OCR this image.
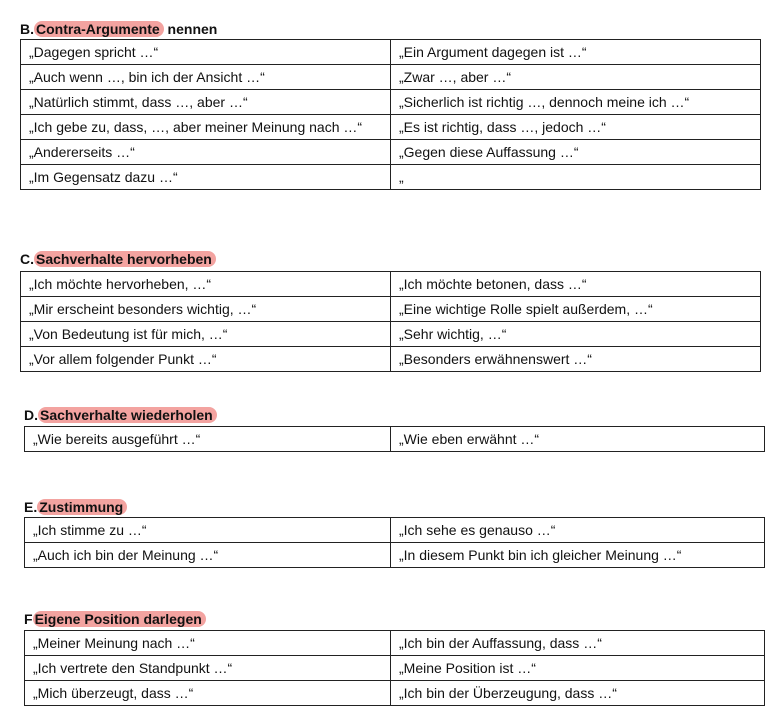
B. Contra-Argumente nennen
„Dagegen spricht …“	„Ein Argument dagegen ist …“
„Auch wenn …, bin ich der Ansicht …“	„Zwar …, aber …“
„Natürlich stimmt, dass …, aber …“	„Sicherlich ist richtig …, dennoch meine ich …“
„Ich gebe zu, dass, …, aber meiner Meinung nach …“	„Es ist richtig, dass …, jedoch …“
„Andererseits …“	„Gegen diese Auffassung …“
„Im Gegensatz dazu …“	„
C. Sachverhalte hervorheben
„Ich möchte hervorheben, …“	„Ich möchte betonen, dass …“
„Mir erscheint besonders wichtig, …“	„Eine wichtige Rolle spielt außerdem, …“
„Von Bedeutung ist für mich, …“	„Sehr wichtig, …“
„Vor allem folgender Punkt …“	„Besonders erwähnenswert …“
D. Sachverhalte wiederholen
„Wie bereits ausgeführt …“	„Wie eben erwähnt …“
E. Zustimmung
„Ich stimme zu …“	„Ich sehe es genauso …“
„Auch ich bin der Meinung …“	„In diesem Punkt bin ich gleicher Meinung …“
F Eigene Position darlegen
„Meiner Meinung nach …“	„Ich bin der Auffassung, dass …“
„Ich vertrete den Standpunkt …“	„Meine Position ist …“
„Mich überzeugt, dass …“	„Ich bin der Überzeugung, dass …“
